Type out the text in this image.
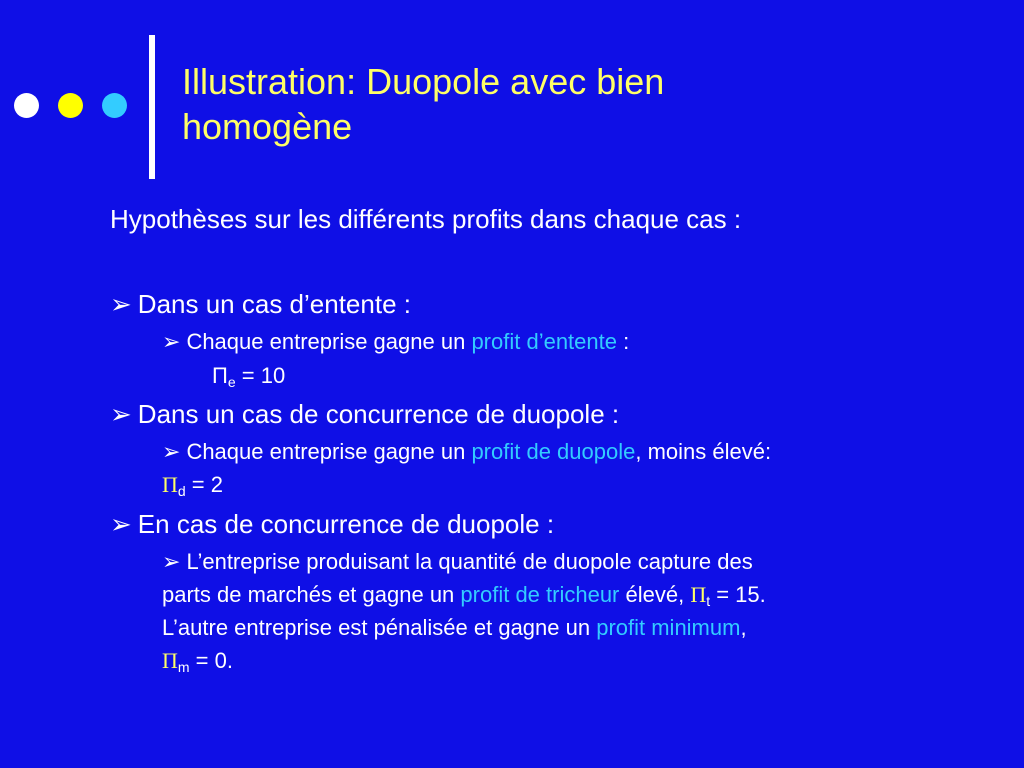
Illustration: Duopole avec bien
homogène
Hypothèses sur les différents profits dans chaque cas :
➢ Dans un cas d’entente :
➢ Chaque entreprise gagne un profit d’entente :
$\Pi_e = 10$
➢ Dans un cas de concurrence de duopole :
➢ Chaque entreprise gagne un profit de duopole, moins élevé:
$\Pi_d = 2$
➢ En cas de concurrence de duopole :
➢ L’entreprise produisant la quantité de duopole capture des
parts de marchés et gagne un profit de tricheur élevé, $\Pi_t = 15$.
L’autre entreprise est pénalisée et gagne un profit minimum,
$\Pi_m = 0$.
